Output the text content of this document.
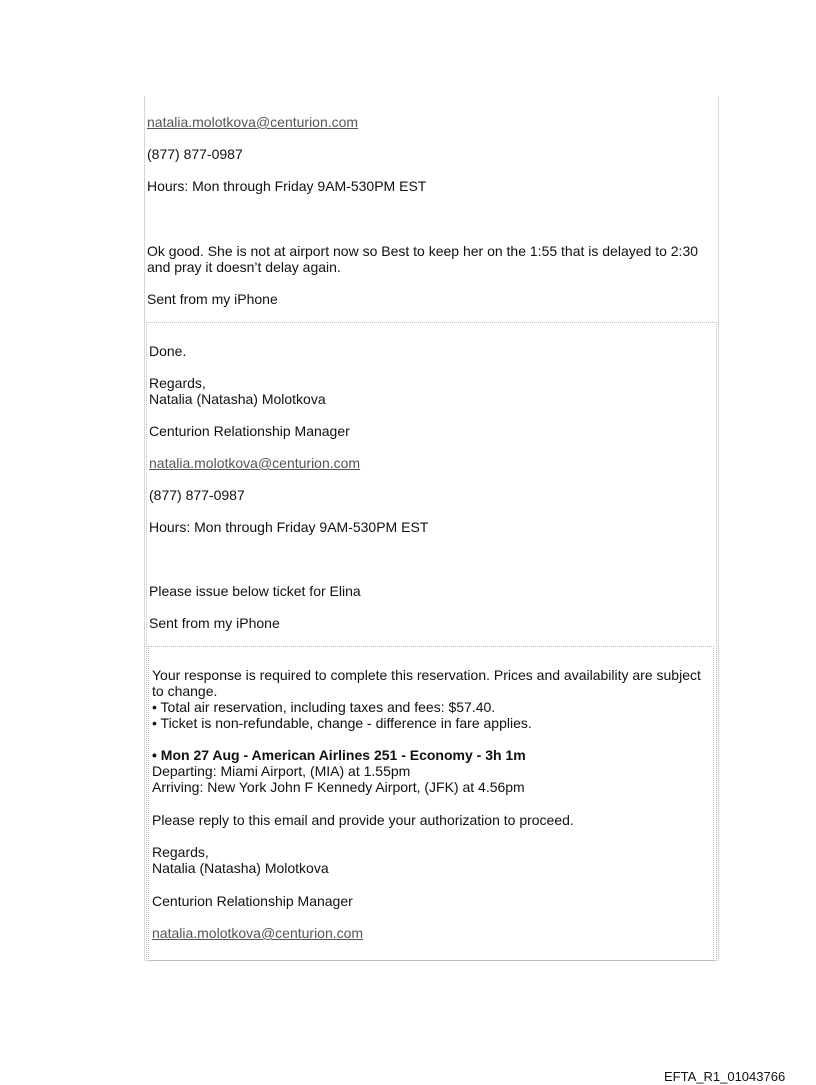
natalia.molotkova@centurion.com

(877) 877-0987

Hours: Mon through Friday 9AM-530PM EST

Ok good. She is not at airport now so Best to keep her on the 1:55 that is delayed to 2:30

and pray it doesn’t delay again.

Sent from my iPhone

Done.

Regards,

Natalia (Natasha) Molotkova

Centurion Relationship Manager

natalia.molotkova@centurion.com

(877) 877-0987

Hours: Mon through Friday 9AM-530PM EST

Please issue below ticket for Elina

Sent from my iPhone

Your response is required to complete this reservation. Prices and availability are subject

to change.

• Total air reservation, including taxes and fees: $57.40.

• Ticket is non-refundable, change - difference in fare applies.

• Mon 27 Aug - American Airlines 251 - Economy - 3h 1m

Departing: Miami Airport, (MIA) at 1.55pm

Arriving: New York John F Kennedy Airport, (JFK) at 4.56pm

Please reply to this email and provide your authorization to proceed.

Regards,

Natalia (Natasha) Molotkova

Centurion Relationship Manager

natalia.molotkova@centurion.com

EFTA_R1_01043766
